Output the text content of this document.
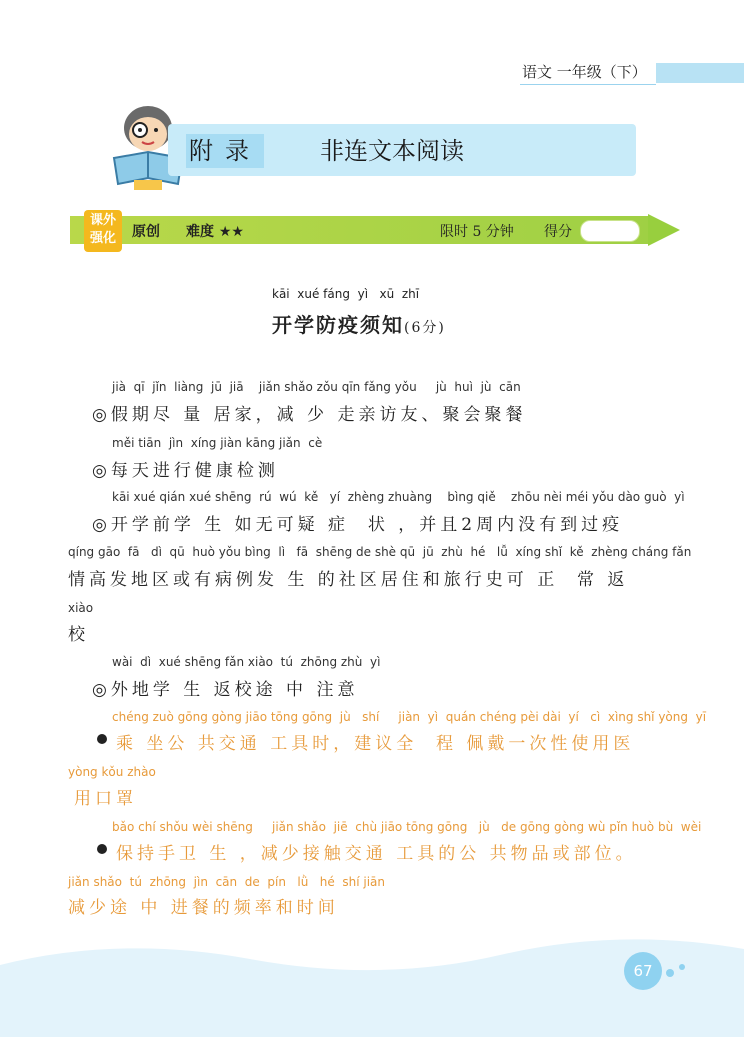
语文 一年级（下）
附录 非连文本阅读
课外
强化	原创 难度 ★★	限时 5 分钟 得分
kāi  xué fáng  yì   xū  zhī
开学防疫须知(6分)
jià  qī  jǐn  liàng  jū  jiā    jiǎn shǎo zǒu qīn fǎng yǒu     jù  huì  jù  cān
◎假期尽 量 居家，减 少 走亲访友、聚会聚餐
měi tiān  jìn  xíng jiàn kāng jiǎn  cè
◎每天进行健康检测
kāi xué qián xué shēng  rú  wú  kě   yí  zhèng zhuàng    bìng qiě    zhōu nèi méi yǒu dào guò  yì
◎开学前学 生 如无可疑 症  状 ，并且2周内没有到过疫
qíng gāo  fā   dì  qū  huò yǒu bìng  lì   fā  shēng de shè qū  jū  zhù  hé   lǚ  xíng shǐ  kě  zhèng cháng fǎn
情高发地区或有病例发 生 的社区居住和旅行史可 正  常 返
xiào
校
wài  dì  xué shēng fǎn xiào  tú  zhōng zhù  yì
◎外地学 生 返校途 中 注意
chéng zuò gōng gòng jiāo tōng gōng  jù   shí     jiàn  yì  quán chéng pèi dài  yí   cì  xìng shǐ yòng  yī
乘 坐公 共交通 工具时，建议全  程 佩戴一次性使用医
yòng kǒu zhào
用口罩
bǎo chí shǒu wèi shēng     jiǎn shǎo  jiē  chù jiāo tōng gōng   jù   de gōng gòng wù pǐn huò bù  wèi
保持手卫 生 ，减少接触交通 工具的公 共物品或部位。
jiǎn shǎo  tú  zhōng  jìn  cān  de  pín   lǜ   hé  shí jiān
减少途 中 进餐的频率和时间
67
